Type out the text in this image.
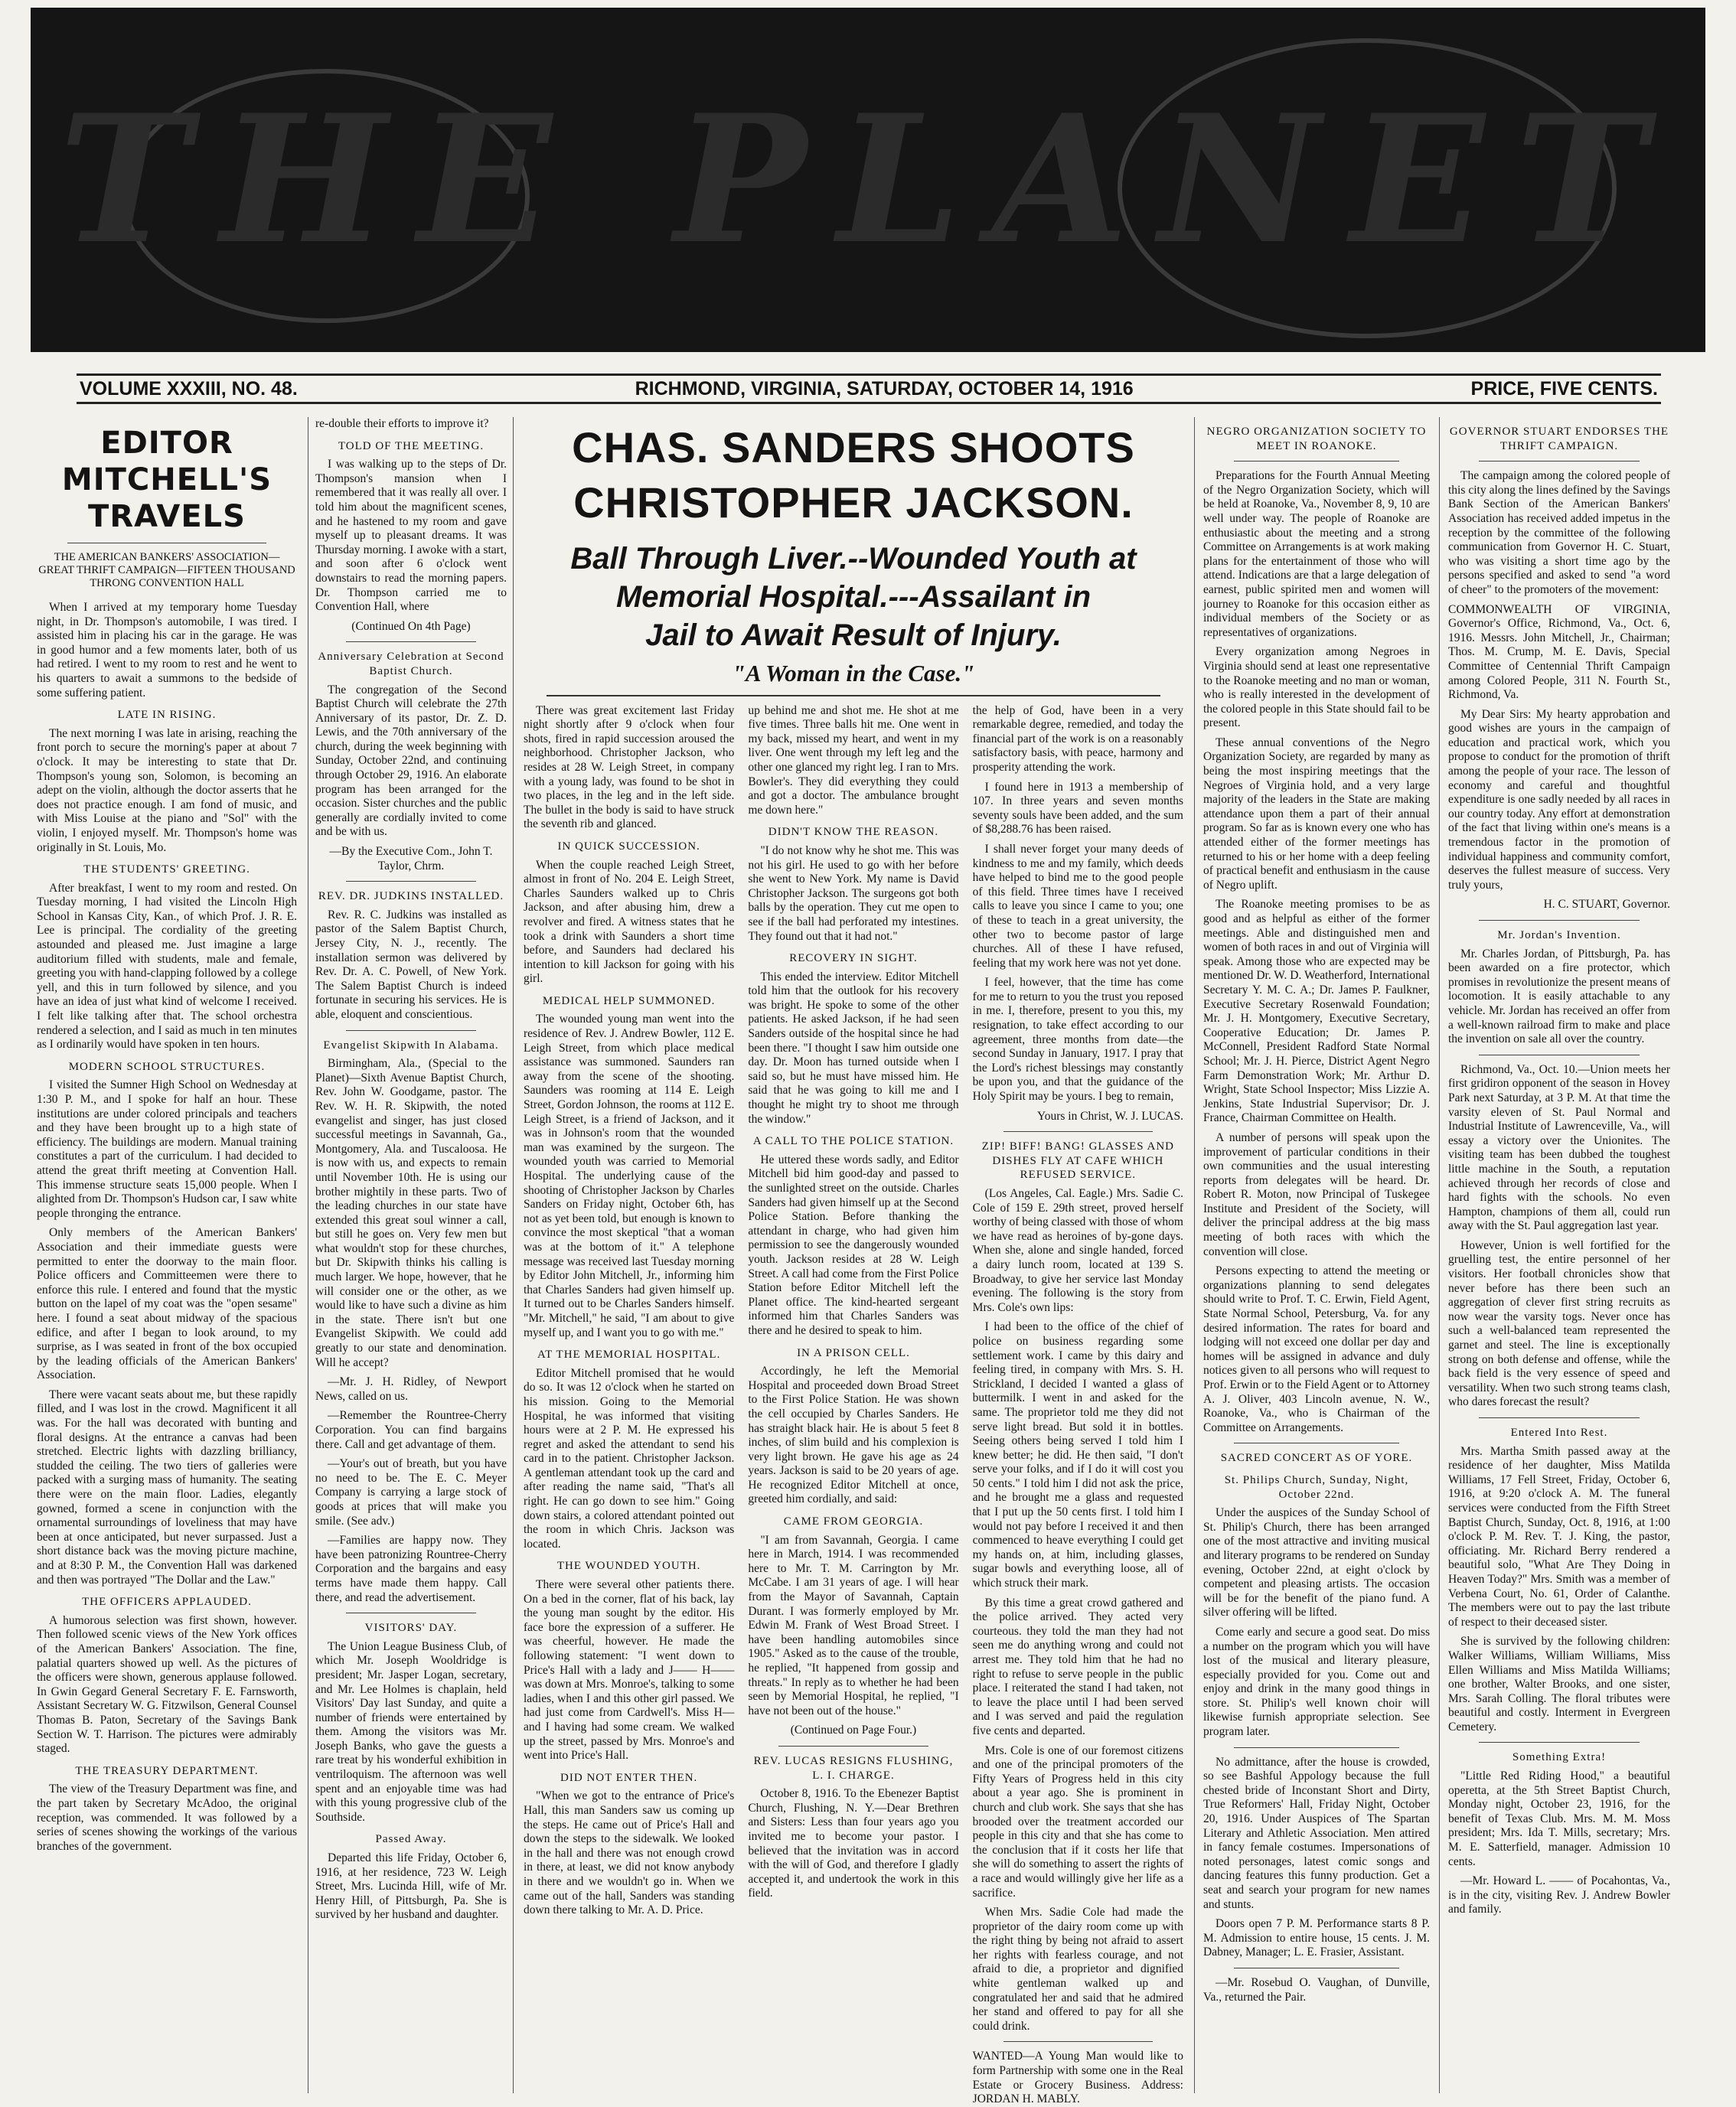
THE PLANET
VOLUME XXXIII, NO. 48.	RICHMOND, VIRGINIA, SATURDAY, OCTOBER 14, 1916	PRICE, FIVE CENTS.
EDITOR MITCHELL'S TRAVELS
THE AMERICAN BANKERS' ASSOCIATION—GREAT THRIFT CAMPAIGN—FIFTEEN THOUSAND THRONG CONVENTION HALL

When I arrived at my temporary home Tuesday night, in Dr. Thompson's automobile, I was tired. I assisted him in placing his car in the garage. He was in good humor and a few moments later, both of us had retired. I went to my room to rest and he went to his quarters to await a summons to the bedside of some suffering patient.

LATE IN RISING.

The next morning I was late in arising, reaching the front porch to secure the morning's paper at about 7 o'clock. It may be interesting to state that Dr. Thompson's young son, Solomon, is becoming an adept on the violin, although the doctor asserts that he does not practice enough. I am fond of music, and with Miss Louise at the piano and "Sol" with the violin, I enjoyed myself. Mr. Thompson's home was originally in St. Louis, Mo.

THE STUDENTS' GREETING.

After breakfast, I went to my room and rested. On Tuesday morning, I had visited the Lincoln High School in Kansas City, Kan., of which Prof. J. R. E. Lee is principal. The cordiality of the greeting astounded and pleased me. Just imagine a large auditorium filled with students, male and female, greeting you with hand-clapping followed by a college yell, and this in turn followed by silence, and you have an idea of just what kind of welcome I received. I felt like talking after that. The school orchestra rendered a selection, and I said as much in ten minutes as I ordinarily would have spoken in ten hours.

MODERN SCHOOL STRUCTURES.

I visited the Sumner High School on Wednesday at 1:30 P. M., and I spoke for half an hour. These institutions are under colored principals and teachers and they have been brought up to a high state of efficiency. The buildings are modern. Manual training constitutes a part of the curriculum. I had decided to attend the great thrift meeting at Convention Hall. This immense structure seats 15,000 people. When I alighted from Dr. Thompson's Hudson car, I saw white people thronging the entrance.

Only members of the American Bankers' Association and their immediate guests were permitted to enter the doorway to the main floor. Police officers and Committeemen were there to enforce this rule. I entered and found that the mystic button on the lapel of my coat was the "open sesame" here. I found a seat about midway of the spacious edifice, and after I began to look around, to my surprise, as I was seated in front of the box occupied by the leading officials of the American Bankers' Association.

There were vacant seats about me, but these rapidly filled, and I was lost in the crowd. Magnificent it all was. For the hall was decorated with bunting and floral designs. At the entrance a canvas had been stretched. Electric lights with dazzling brilliancy, studded the ceiling. The two tiers of galleries were packed with a surging mass of humanity. The seating there were on the main floor. Ladies, elegantly gowned, formed a scene in conjunction with the ornamental surroundings of loveliness that may have been at once anticipated, but never surpassed. Just a short distance back was the moving picture machine, and at 8:30 P. M., the Convention Hall was darkened and then was portrayed "The Dollar and the Law."

THE OFFICERS APPLAUDED.

A humorous selection was first shown, however. Then followed scenic views of the New York offices of the American Bankers' Association. The fine, palatial quarters showed up well. As the pictures of the officers were shown, generous applause followed. In Gwin Gegard General Secretary F. E. Farnsworth, Assistant Secretary W. G. Fitzwilson, General Counsel Thomas B. Paton, Secretary of the Savings Bank Section W. T. Harrison. The pictures were admirably staged.

THE TREASURY DEPARTMENT.

The view of the Treasury Department was fine, and the part taken by Secretary McAdoo, the original reception, was commended. It was followed by a series of scenes showing the workings of the various branches of the government.

re-double their efforts to improve it?

TOLD OF THE MEETING.

I was walking up to the steps of Dr. Thompson's mansion when I remembered that it was really all over. I told him about the magnificent scenes, and he hastened to my room and gave myself up to pleasant dreams. It was Thursday morning. I awoke with a start, and soon after 6 o'clock went downstairs to read the morning papers. Dr. Thompson carried me to Convention Hall, where

(Continued On 4th Page)
Anniversary Celebration at Second Baptist Church.

The congregation of the Second Baptist Church will celebrate the 27th Anniversary of its pastor, Dr. Z. D. Lewis, and the 70th anniversary of the church, during the week beginning with Sunday, October 22nd, and continuing through October 29, 1916. An elaborate program has been arranged for the occasion. Sister churches and the public generally are cordially invited to come and be with us.

—By the Executive Com., John T. Taylor, Chrm.
REV. DR. JUDKINS INSTALLED.

Rev. R. C. Judkins was installed as pastor of the Salem Baptist Church, Jersey City, N. J., recently. The installation sermon was delivered by Rev. Dr. A. C. Powell, of New York. The Salem Baptist Church is indeed fortunate in securing his services. He is able, eloquent and conscientious.

Evangelist Skipwith In Alabama.

Birmingham, Ala., (Special to the Planet)—Sixth Avenue Baptist Church, Rev. John W. Goodgame, pastor. The Rev. W. H. R. Skipwith, the noted evangelist and singer, has just closed successful meetings in Savannah, Ga., Montgomery, Ala. and Tuscaloosa. He is now with us, and expects to remain until November 10th. He is using our brother mightily in these parts. Two of the leading churches in our state have extended this great soul winner a call, but still he goes on. Very few men but what wouldn't stop for these churches, but Dr. Skipwith thinks his calling is much larger. We hope, however, that he will consider one or the other, as we would like to have such a divine as him in the state. There isn't but one Evangelist Skipwith. We could add greatly to our state and denomination. Will he accept?

—Mr. J. H. Ridley, of Newport News, called on us.

—Remember the Rountree-Cherry Corporation. You can find bargains there. Call and get advantage of them.

—Your's out of breath, but you have no need to be. The E. C. Meyer Company is carrying a large stock of goods at prices that will make you smile. (See adv.)

—Families are happy now. They have been patronizing Rountree-Cherry Corporation and the bargains and easy terms have made them happy. Call there, and read the advertisement.

VISITORS' DAY.

The Union League Business Club, of which Mr. Joseph Wooldridge is president; Mr. Jasper Logan, secretary, and Mr. Lee Holmes is chaplain, held Visitors' Day last Sunday, and quite a number of friends were entertained by them. Among the visitors was Mr. Joseph Banks, who gave the guests a rare treat by his wonderful exhibition in ventriloquism. The afternoon was well spent and an enjoyable time was had with this young progressive club of the Southside.

Passed Away.

Departed this life Friday, October 6, 1916, at her residence, 723 W. Leigh Street, Mrs. Lucinda Hill, wife of Mr. Henry Hill, of Pittsburgh, Pa. She is survived by her husband and daughter.

CHAS. SANDERS SHOOTS
CHRISTOPHER JACKSON.
Ball Through Liver.--Wounded Youth at
Memorial Hospital.---Assailant in
Jail to Await Result of Injury.
"A Woman in the Case."

There was great excitement last Friday night shortly after 9 o'clock when four shots, fired in rapid succession aroused the neighborhood. Christopher Jackson, who resides at 28 W. Leigh Street, in company with a young lady, was found to be shot in two places, in the leg and in the left side. The bullet in the body is said to have struck the seventh rib and glanced.

IN QUICK SUCCESSION.

When the couple reached Leigh Street, almost in front of No. 204 E. Leigh Street, Charles Saunders walked up to Chris Jackson, and after abusing him, drew a revolver and fired. A witness states that he took a drink with Saunders a short time before, and Saunders had declared his intention to kill Jackson for going with his girl.

MEDICAL HELP SUMMONED.

The wounded young man went into the residence of Rev. J. Andrew Bowler, 112 E. Leigh Street, from which place medical assistance was summoned. Saunders ran away from the scene of the shooting. Saunders was rooming at 114 E. Leigh Street, Gordon Johnson, the rooms at 112 E. Leigh Street, is a friend of Jackson, and it was in Johnson's room that the wounded man was examined by the surgeon. The wounded youth was carried to Memorial Hospital. The underlying cause of the shooting of Christopher Jackson by Charles Sanders on Friday night, October 6th, has not as yet been told, but enough is known to convince the most skeptical "that a woman was at the bottom of it." A telephone message was received last Tuesday morning by Editor John Mitchell, Jr., informing him that Charles Sanders had given himself up. It turned out to be Charles Sanders himself. "Mr. Mitchell," he said, "I am about to give myself up, and I want you to go with me."

AT THE MEMORIAL HOSPITAL.

Editor Mitchell promised that he would do so. It was 12 o'clock when he started on his mission. Going to the Memorial Hospital, he was informed that visiting hours were at 2 P. M. He expressed his regret and asked the attendant to send his card in to the patient. Christopher Jackson. A gentleman attendant took up the card and after reading the name said, "That's all right. He can go down to see him." Going down stairs, a colored attendant pointed out the room in which Chris. Jackson was located.

THE WOUNDED YOUTH.

There were several other patients there. On a bed in the corner, flat of his back, lay the young man sought by the editor. His face bore the expression of a sufferer. He was cheerful, however. He made the following statement: "I went down to Price's Hall with a lady and J—— H—— was down at Mrs. Monroe's, talking to some ladies, when I and this other girl passed. We had just come from Cardwell's. Miss H— and I having had some cream. We walked up the street, passed by Mrs. Monroe's and went into Price's Hall.

DID NOT ENTER THEN.

"When we got to the entrance of Price's Hall, this man Sanders saw us coming up the steps. He came out of Price's Hall and down the steps to the sidewalk. We looked in the hall and there was not enough crowd in there, at least, we did not know anybody in there and we wouldn't go in. When we came out of the hall, Sanders was standing down there talking to Mr. A. D. Price.

up behind me and shot me. He shot at me five times. Three balls hit me. One went in my back, missed my heart, and went in my liver. One went through my left leg and the other one glanced my right leg. I ran to Mrs. Bowler's. They did everything they could and got a doctor. The ambulance brought me down here."

DIDN'T KNOW THE REASON.

"I do not know why he shot me. This was not his girl. He used to go with her before she went to New York. My name is David Christopher Jackson. The surgeons got both balls by the operation. They cut me open to see if the ball had perforated my intestines. They found out that it had not."

RECOVERY IN SIGHT.

This ended the interview. Editor Mitchell told him that the outlook for his recovery was bright. He spoke to some of the other patients. He asked Jackson, if he had seen Sanders outside of the hospital since he had been there. "I thought I saw him outside one day. Dr. Moon has turned outside when I said so, but he must have missed him. He said that he was going to kill me and I thought he might try to shoot me through the window."

A CALL TO THE POLICE STATION.

He uttered these words sadly, and Editor Mitchell bid him good-day and passed to the sunlighted street on the outside. Charles Sanders had given himself up at the Second Police Station. Before thanking the attendant in charge, who had given him permission to see the dangerously wounded youth. Jackson resides at 28 W. Leigh Street. A call had come from the First Police Station before Editor Mitchell left the Planet office. The kind-hearted sergeant informed him that Charles Sanders was there and he desired to speak to him.

IN A PRISON CELL.

Accordingly, he left the Memorial Hospital and proceeded down Broad Street to the First Police Station. He was shown the cell occupied by Charles Sanders. He has straight black hair. He is about 5 feet 8 inches, of slim build and his complexion is very light brown. He gave his age as 24 years. Jackson is said to be 20 years of age. He recognized Editor Mitchell at once, greeted him cordially, and said:

CAME FROM GEORGIA.

"I am from Savannah, Georgia. I came here in March, 1914. I was recommended here to Mr. T. M. Carrington by Mr. McCabe. I am 31 years of age. I will hear from the Mayor of Savannah, Captain Durant. I was formerly employed by Mr. Edwin M. Frank of West Broad Street. I have been handling automobiles since 1905." Asked as to the cause of the trouble, he replied, "It happened from gossip and threats." In reply as to whether he had been seen by Memorial Hospital, he replied, "I have not been out of the house."

(Continued on Page Four.)
REV. LUCAS RESIGNS FLUSHING, L. I. CHARGE.

October 8, 1916. To the Ebenezer Baptist Church, Flushing, N. Y.—Dear Brethren and Sisters: Less than four years ago you invited me to become your pastor. I believed that the invitation was in accord with the will of God, and therefore I gladly accepted it, and undertook the work in this field.

the help of God, have been in a very remarkable degree, remedied, and today the financial part of the work is on a reasonably satisfactory basis, with peace, harmony and prosperity attending the work.

I found here in 1913 a membership of 107. In three years and seven months seventy souls have been added, and the sum of $8,288.76 has been raised.

I shall never forget your many deeds of kindness to me and my family, which deeds have helped to bind me to the good people of this field. Three times have I received calls to leave you since I came to you; one of these to teach in a great university, the other two to become pastor of large churches. All of these I have refused, feeling that my work here was not yet done.

I feel, however, that the time has come for me to return to you the trust you reposed in me. I, therefore, present to you this, my resignation, to take effect according to our agreement, three months from date—the second Sunday in January, 1917. I pray that the Lord's richest blessings may constantly be upon you, and that the guidance of the Holy Spirit may be yours. I beg to remain,

Yours in Christ, W. J. LUCAS.
ZIP! BIFF! BANG! GLASSES AND DISHES FLY AT CAFE WHICH REFUSED SERVICE.

(Los Angeles, Cal. Eagle.) Mrs. Sadie C. Cole of 159 E. 29th street, proved herself worthy of being classed with those of whom we have read as heroines of by-gone days. When she, alone and single handed, forced a dairy lunch room, located at 139 S. Broadway, to give her service last Monday evening. The following is the story from Mrs. Cole's own lips:

I had been to the office of the chief of police on business regarding some settlement work. I came by this dairy and feeling tired, in company with Mrs. S. H. Strickland, I decided I wanted a glass of buttermilk. I went in and asked for the same. The proprietor told me they did not serve light bread. But sold it in bottles. Seeing others being served I told him I knew better; he did. He then said, "I don't serve your folks, and if I do it will cost you 50 cents." I told him I did not ask the price, and he brought me a glass and requested that I put up the 50 cents first. I told him I would not pay before I received it and then commenced to heave everything I could get my hands on, at him, including glasses, sugar bowls and everything loose, all of which struck their mark.

By this time a great crowd gathered and the police arrived. They acted very courteous. they told the man they had not seen me do anything wrong and could not arrest me. They told him that he had no right to refuse to serve people in the public place. I reiterated the stand I had taken, not to leave the place until I had been served and I was served and paid the regulation five cents and departed.

Mrs. Cole is one of our foremost citizens and one of the principal promoters of the Fifty Years of Progress held in this city about a year ago. She is prominent in church and club work. She says that she has brooded over the treatment accorded our people in this city and that she has come to the conclusion that if it costs her life that she will do something to assert the rights of a race and would willingly give her life as a sacrifice.

When Mrs. Sadie Cole had made the proprietor of the dairy room come up with the right thing by being not afraid to assert her rights with fearless courage, and not afraid to die, a proprietor and dignified white gentleman walked up and congratulated her and said that he admired her stand and offered to pay for all she could drink.

WANTED—A Young Man would like to form Partnership with some one in the Real Estate or Grocery Business. Address: JORDAN H. MABLY.

NEGRO ORGANIZATION SOCIETY TO MEET IN ROANOKE.

Preparations for the Fourth Annual Meeting of the Negro Organization Society, which will be held at Roanoke, Va., November 8, 9, 10 are well under way. The people of Roanoke are enthusiastic about the meeting and a strong Committee on Arrangements is at work making plans for the entertainment of those who will attend. Indications are that a large delegation of earnest, public spirited men and women will journey to Roanoke for this occasion either as individual members of the Society or as representatives of organizations.

Every organization among Negroes in Virginia should send at least one representative to the Roanoke meeting and no man or woman, who is really interested in the development of the colored people in this State should fail to be present.

These annual conventions of the Negro Organization Society, are regarded by many as being the most inspiring meetings that the Negroes of Virginia hold, and a very large majority of the leaders in the State are making attendance upon them a part of their annual program. So far as is known every one who has attended either of the former meetings has returned to his or her home with a deep feeling of practical benefit and enthusiasm in the cause of Negro uplift.

The Roanoke meeting promises to be as good and as helpful as either of the former meetings. Able and distinguished men and women of both races in and out of Virginia will speak. Among those who are expected may be mentioned Dr. W. D. Weatherford, International Secretary Y. M. C. A.; Dr. James P. Faulkner, Executive Secretary Rosenwald Foundation; Mr. J. H. Montgomery, Executive Secretary, Cooperative Education; Dr. James P. McConnell, President Radford State Normal School; Mr. J. H. Pierce, District Agent Negro Farm Demonstration Work; Mr. Arthur D. Wright, State School Inspector; Miss Lizzie A. Jenkins, State Industrial Supervisor; Dr. J. France, Chairman Committee on Health.

A number of persons will speak upon the improvement of particular conditions in their own communities and the usual interesting reports from delegates will be heard. Dr. Robert R. Moton, now Principal of Tuskegee Institute and President of the Society, will deliver the principal address at the big mass meeting of both races with which the convention will close.

Persons expecting to attend the meeting or organizations planning to send delegates should write to Prof. T. C. Erwin, Field Agent, State Normal School, Petersburg, Va. for any desired information. The rates for board and lodging will not exceed one dollar per day and homes will be assigned in advance and duly notices given to all persons who will request to Prof. Erwin or to the Field Agent or to Attorney A. J. Oliver, 403 Lincoln avenue, N. W., Roanoke, Va., who is Chairman of the Committee on Arrangements.

SACRED CONCERT AS OF YORE.
St. Philips Church, Sunday, Night, October 22nd.

Under the auspices of the Sunday School of St. Philip's Church, there has been arranged one of the most attractive and inviting musical and literary programs to be rendered on Sunday evening, October 22nd, at eight o'clock by competent and pleasing artists. The occasion will be for the benefit of the piano fund. A silver offering will be lifted.

Come early and secure a good seat. Do miss a number on the program which you will have lost of the musical and literary pleasure, especially provided for you. Come out and enjoy and drink in the many good things in store. St. Philip's well known choir will likewise furnish appropriate selection. See program later.

No admittance, after the house is crowded, so see Bashful Appology because the full chested bride of Inconstant Short and Dirty, True Reformers' Hall, Friday Night, October 20, 1916. Under Auspices of The Spartan Literary and Athletic Association. Men attired in fancy female costumes. Impersonations of noted personages, latest comic songs and dancing features this funny production. Get a seat and search your program for new names and stunts.

Doors open 7 P. M. Performance starts 8 P. M. Admission to entire house, 15 cents. J. M. Dabney, Manager; L. E. Frasier, Assistant.

—Mr. Rosebud O. Vaughan, of Dunville, Va., returned the Pair.

GOVERNOR STUART ENDORSES THE THRIFT CAMPAIGN.

The campaign among the colored people of this city along the lines defined by the Savings Bank Section of the American Bankers' Association has received added impetus in the reception by the committee of the following communication from Governor H. C. Stuart, who was visiting a short time ago by the persons specified and asked to send "a word of cheer" to the promoters of the movement:

COMMONWEALTH OF VIRGINIA, Governor's Office, Richmond, Va., Oct. 6, 1916. Messrs. John Mitchell, Jr., Chairman; Thos. M. Crump, M. E. Davis, Special Committee of Centennial Thrift Campaign among Colored People, 311 N. Fourth St., Richmond, Va.

My Dear Sirs: My hearty approbation and good wishes are yours in the campaign of education and practical work, which you propose to conduct for the promotion of thrift among the people of your race. The lesson of economy and careful and thoughtful expenditure is one sadly needed by all races in our country today. Any effort at demonstration of the fact that living within one's means is a tremendous factor in the promotion of individual happiness and community comfort, deserves the fullest measure of success. Very truly yours,

H. C. STUART, Governor.
Mr. Jordan's Invention.

Mr. Charles Jordan, of Pittsburgh, Pa. has been awarded on a fire protector, which promises in revolutionize the present means of locomotion. It is easily attachable to any vehicle. Mr. Jordan has received an offer from a well-known railroad firm to make and place the invention on sale all over the country.

Richmond, Va., Oct. 10.—Union meets her first gridiron opponent of the season in Hovey Park next Saturday, at 3 P. M. At that time the varsity eleven of St. Paul Normal and Industrial Institute of Lawrenceville, Va., will essay a victory over the Unionites. The visiting team has been dubbed the toughest little machine in the South, a reputation achieved through her records of close and hard fights with the schools. No even Hampton, champions of them all, could run away with the St. Paul aggregation last year.

However, Union is well fortified for the gruelling test, the entire personnel of her visitors. Her football chronicles show that never before has there been such an aggregation of clever first string recruits as now wear the varsity togs. Never once has such a well-balanced team represented the garnet and steel. The line is exceptionally strong on both defense and offense, while the back field is the very essence of speed and versatility. When two such strong teams clash, who dares forecast the result?

Entered Into Rest.

Mrs. Martha Smith passed away at the residence of her daughter, Miss Matilda Williams, 17 Fell Street, Friday, October 6, 1916, at 9:20 o'clock A. M. The funeral services were conducted from the Fifth Street Baptist Church, Sunday, Oct. 8, 1916, at 1:00 o'clock P. M. Rev. T. J. King, the pastor, officiating. Mr. Richard Berry rendered a beautiful solo, "What Are They Doing in Heaven Today?" Mrs. Smith was a member of Verbena Court, No. 61, Order of Calanthe. The members were out to pay the last tribute of respect to their deceased sister.

She is survived by the following children: Walker Williams, William Williams, Miss Ellen Williams and Miss Matilda Williams; one brother, Walter Brooks, and one sister, Mrs. Sarah Colling. The floral tributes were beautiful and costly. Interment in Evergreen Cemetery.

Something Extra!

"Little Red Riding Hood," a beautiful operetta, at the 5th Street Baptist Church, Monday night, October 23, 1916, for the benefit of Texas Club. Mrs. M. M. Moss president; Mrs. Ida T. Mills, secretary; Mrs. M. E. Satterfield, manager. Admission 10 cents.

—Mr. Howard L. —— of Pocahontas, Va., is in the city, visiting Rev. J. Andrew Bowler and family.
